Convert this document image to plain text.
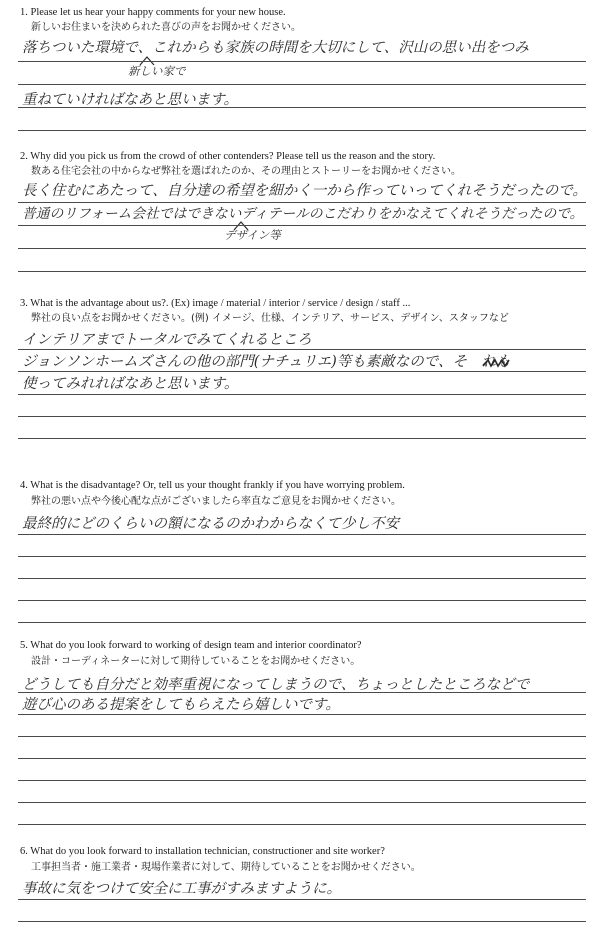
1. Please let us hear your happy comments for your new house.
新しいお住まいを決められた喜びの声をお聞かせください。
落ちついた環境で、これからも家族の時間を大切にして、沢山の思い出をつみ
新しい家で
重ねていければなあと思います。
2. Why did you pick us from the crowd of other contenders? Please tell us the reason and the story.
数ある住宅会社の中からなぜ弊社を選ばれたのか、その理由とストーリーをお聞かせください。
長く住むにあたって、自分達の希望を細かく一から作っていってくれそうだったので。
普通のリフォーム会社ではできないディテールのこだわりをかなえてくれそうだったので。
デザイン等
3. What is the advantage about us?. (Ex) image / material / interior / service / design / staff ...
弊社の良い点をお聞かせください。(例) イメージ、仕様、インテリア、サービス、デザイン、スタッフなど
インテリアまでトータルでみてくれるところ
ジョンソンホームズさんの他の部門(ナチュリエ)等も素敵なので、そ　れも
使ってみれればなあと思います。
4. What is the disadvantage? Or, tell us your thought frankly if you have worrying problem.
弊社の悪い点や今後心配な点がございましたら率直なご意見をお聞かせください。
最終的にどのくらいの額になるのかわからなくて少し不安
5. What do you look forward to working of design team and interior coordinator?
設計・コーディネーターに対して期待していることをお聞かせください。
どうしても自分だと効率重視になってしまうので、ちょっとしたところなどで
遊び心のある提案をしてもらえたら嬉しいです。
6. What do you look forward to installation technician, constructioner and site worker?
工事担当者・施工業者・現場作業者に対して、期待していることをお聞かせください。
事故に気をつけて安全に工事がすみますように。
